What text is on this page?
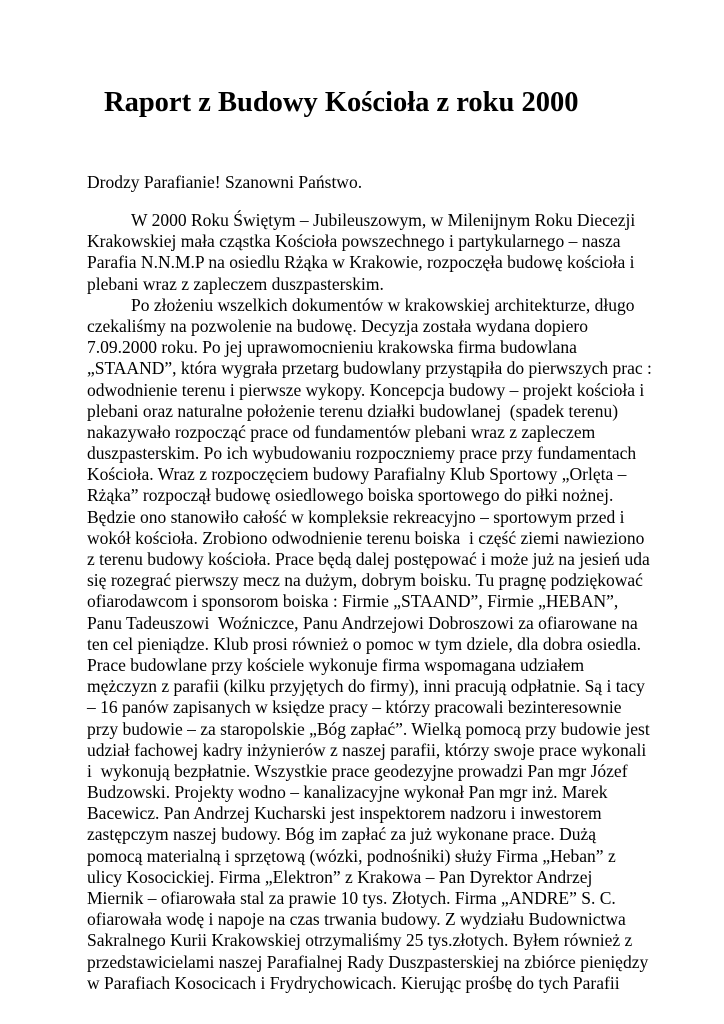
Raport z Budowy Kościoła z roku 2000

Drodzy Parafianie! Szanowni Państwo.

W 2000 Roku Świętym – Jubileuszowym, w Milenijnym Roku Diecezji
Krakowskiej mała cząstka Kościoła powszechnego i partykularnego – nasza
Parafia N.N.M.P na osiedlu Rżąka w Krakowie, rozpoczęła budowę kościoła i
plebani wraz z zapleczem duszpasterskim.
Po złożeniu wszelkich dokumentów w krakowskiej architekturze, długo
czekaliśmy na pozwolenie na budowę. Decyzja została wydana dopiero
7.09.2000 roku. Po jej uprawomocnieniu krakowska firma budowlana
„STAAND”, która wygrała przetarg budowlany przystąpiła do pierwszych prac :
odwodnienie terenu i pierwsze wykopy. Koncepcja budowy – projekt kościoła i
plebani oraz naturalne położenie terenu działki budowlanej  (spadek terenu)
nakazywało rozpocząć prace od fundamentów plebani wraz z zapleczem
duszpasterskim. Po ich wybudowaniu rozpoczniemy prace przy fundamentach
Kościoła. Wraz z rozpoczęciem budowy Parafialny Klub Sportowy „Orlęta –
Rżąka” rozpoczął budowę osiedlowego boiska sportowego do piłki nożnej.
Będzie ono stanowiło całość w kompleksie rekreacyjno – sportowym przed i
wokół kościoła. Zrobiono odwodnienie terenu boiska  i część ziemi nawieziono
z terenu budowy kościoła. Prace będą dalej postępować i może już na jesień uda
się rozegrać pierwszy mecz na dużym, dobrym boisku. Tu pragnę podziękować
ofiarodawcom i sponsorom boiska : Firmie „STAAND”, Firmie „HEBAN”,
Panu Tadeuszowi  Woźniczce, Panu Andrzejowi Dobroszowi za ofiarowane na
ten cel pieniądze. Klub prosi również o pomoc w tym dziele, dla dobra osiedla.
Prace budowlane przy kościele wykonuje firma wspomagana udziałem
mężczyzn z parafii (kilku przyjętych do firmy), inni pracują odpłatnie. Są i tacy
– 16 panów zapisanych w księdze pracy – którzy pracowali bezinteresownie
przy budowie – za staropolskie „Bóg zapłać”. Wielką pomocą przy budowie jest
udział fachowej kadry inżynierów z naszej parafii, którzy swoje prace wykonali
i  wykonują bezpłatnie. Wszystkie prace geodezyjne prowadzi Pan mgr Józef
Budzowski. Projekty wodno – kanalizacyjne wykonał Pan mgr inż. Marek
Bacewicz. Pan Andrzej Kucharski jest inspektorem nadzoru i inwestorem
zastępczym naszej budowy. Bóg im zapłać za już wykonane prace. Dużą
pomocą materialną i sprzętową (wózki, podnośniki) służy Firma „Heban” z
ulicy Kosocickiej. Firma „Elektron” z Krakowa – Pan Dyrektor Andrzej
Miernik – ofiarowała stal za prawie 10 tys. Złotych. Firma „ANDRE” S. C.
ofiarowała wodę i napoje na czas trwania budowy. Z wydziału Budownictwa
Sakralnego Kurii Krakowskiej otrzymaliśmy 25 tys.złotych. Byłem również z
przedstawicielami naszej Parafialnej Rady Duszpasterskiej na zbiórce pieniędzy
w Parafiach Kosocicach i Frydrychowicach. Kierując prośbę do tych Parafii
